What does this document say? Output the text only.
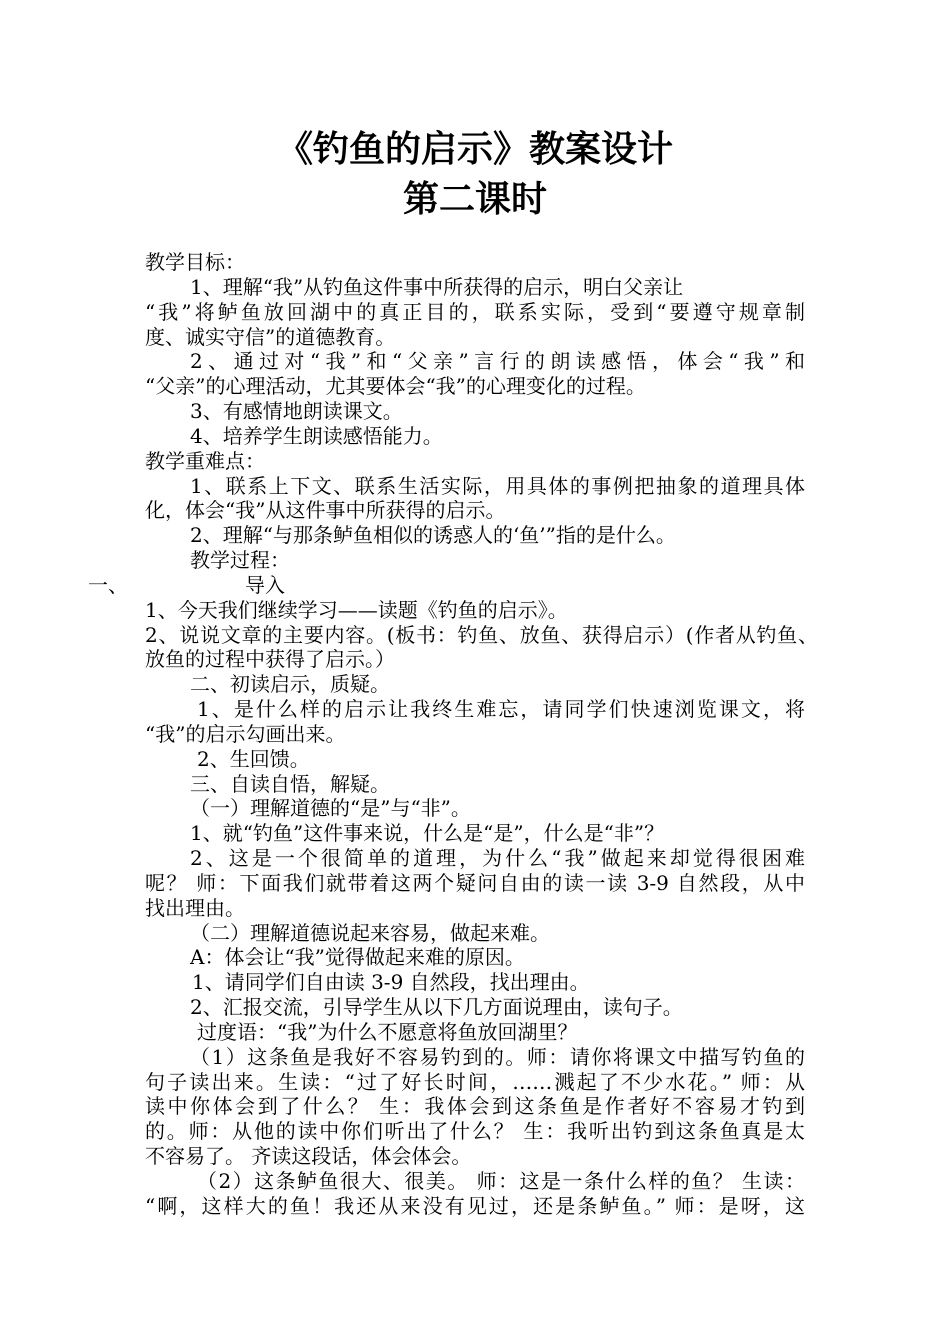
《钓鱼的启示》教案设计
第二课时
教学目标：
1、理解“我”从钓鱼这件事中所获得的启示，明白父亲让
“我”将鲈鱼放回湖中的真正目的，联系实际，受到“要遵守规章制
度、诚实守信”的道德教育。
2、通过对“我”和“父亲”言行的朗读感悟，体会“我”和
“父亲”的心理活动，尤其要体会“我”的心理变化的过程。
3、有感情地朗读课文。
4、培养学生朗读感悟能力。
教学重难点：
1、联系上下文、联系生活实际，用具体的事例把抽象的道理具体
化，体会“我”从这件事中所获得的启示。
2、理解“与那条鲈鱼相似的诱惑人的‘鱼’”指的是什么。
教学过程：
一、	导入
1、今天我们继续学习——读题《钓鱼的启示》。
2、说说文章的主要内容。(板书：钓鱼、放鱼、获得启示）(作者从钓鱼、
放鱼的过程中获得了启示。）
二、初读启示，质疑。
1、是什么样的启示让我终生难忘，请同学们快速浏览课文，将
“我”的启示勾画出来。
2、生回馈。
三、自读自悟，解疑。
（一）理解道德的“是”与“非”。
1、就“钓鱼”这件事来说，什么是“是”，什么是“非”？
2、这是一个很简单的道理，为什么“我”做起来却觉得很困难
呢？ 师：下面我们就带着这两个疑问自由的读一读 3-9 自然段，从中
找出理由。
（二）理解道德说起来容易，做起来难。
A：体会让“我”觉得做起来难的原因。
1、请同学们自由读 3-9 自然段，找出理由。
2、汇报交流，引导学生从以下几方面说理由，读句子。
过度语：“我”为什么不愿意将鱼放回湖里？
（1）这条鱼是我好不容易钓到的。师：请你将课文中描写钓鱼的
句子读出来。生读：“过了好长时间，……溅起了不少水花。” 师：从
读中你体会到了什么？ 生：我体会到这条鱼是作者好不容易才钓到
的。师：从他的读中你们听出了什么？ 生：我听出钓到这条鱼真是太
不容易了。 齐读这段话，体会体会。
（2）这条鲈鱼很大、很美。 师：这是一条什么样的鱼？ 生读：
“啊，这样大的鱼！我还从来没有见过，还是条鲈鱼。” 师：是呀，这
